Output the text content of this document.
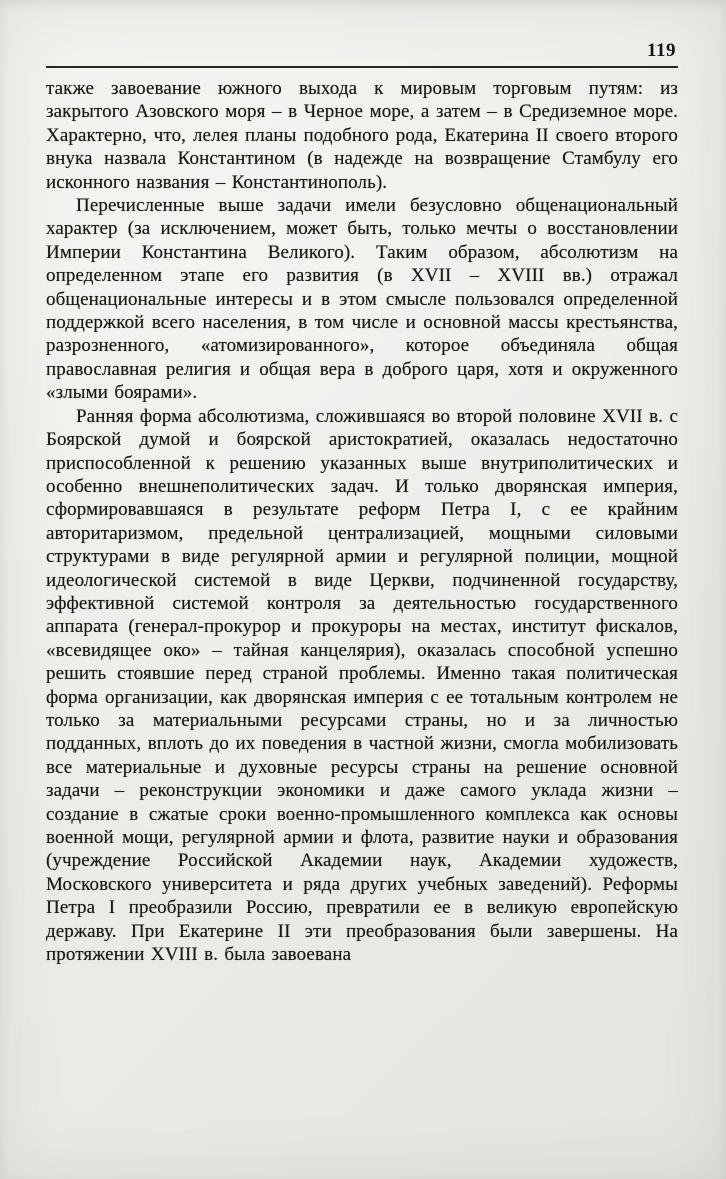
119

также завоевание южного выхода к мировым торговым путям: из закрытого Азовского моря – в Черное море, а затем – в Средиземное море. Характерно, что, лелея планы подобного рода, Екатерина II своего второго внука назвала Константином (в надежде на возвращение Стамбулу его исконного названия – Константинополь).

Перечисленные выше задачи имели безусловно общенациональный характер (за исключением, может быть, только мечты о восстановлении Империи Константина Великого). Таким образом, абсолютизм на определенном этапе его развития (в XVII – XVIII вв.) отражал общенациональные интересы и в этом смысле пользовался определенной поддержкой всего населения, в том числе и основной массы крестьянства, разрозненного, «атомизированного», которое объединяла общая православная религия и общая вера в доброго царя, хотя и окруженного «злыми боярами».

Ранняя форма абсолютизма, сложившаяся во второй половине XVII в. с Боярской думой и боярской аристократией, оказалась недостаточно приспособленной к решению указанных выше внутриполитических и особенно внешнеполитических задач. И только дворянская империя, сформировавшаяся в результате реформ Петра I, с ее крайним авторитаризмом, предельной централизацией, мощными силовыми структурами в виде регулярной армии и регулярной полиции, мощной идеологической системой в виде Церкви, подчиненной государству, эффективной системой контроля за деятельностью государственного аппарата (генерал-прокурор и прокуроры на местах, институт фискалов, «всевидящее око» – тайная канцелярия), оказалась способной успешно решить стоявшие перед страной проблемы. Именно такая политическая форма организации, как дворянская империя с ее тотальным контролем не только за материальными ресурсами страны, но и за личностью подданных, вплоть до их поведения в частной жизни, смогла мобилизовать все материальные и духовные ресурсы страны на решение основной задачи – реконструкции экономики и даже самого уклада жизни – создание в сжатые сроки военно-промышленного комплекса как основы военной мощи, регулярной армии и флота, развитие науки и образования (учреждение Российской Академии наук, Академии художеств, Московского университета и ряда других учебных заведений). Реформы Петра I преобразили Россию, превратили ее в великую европейскую державу. При Екатерине II эти преобразования были завершены. На протяжении XVIII в. была завоевана
